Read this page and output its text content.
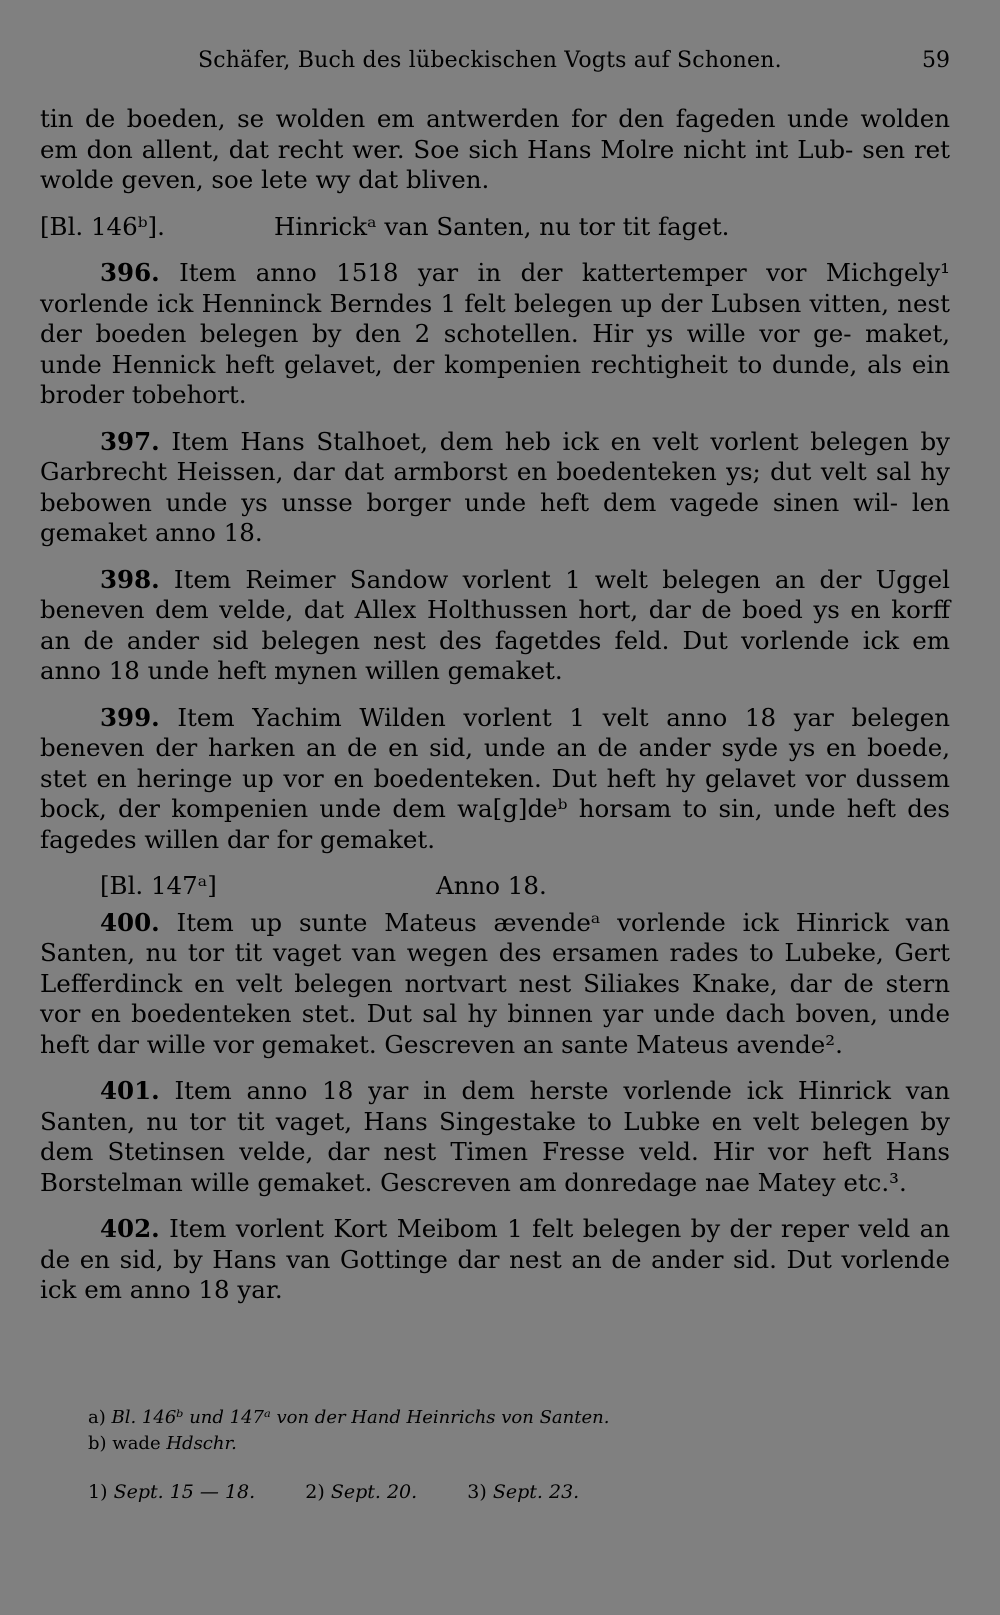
Schäfer, Buch des lübeckischen Vogts auf Schonen.	59

tin de boeden, se wolden em antwerden for den fageden unde wolden em don allent, dat recht wer. Soe sich Hans Molre nicht int Lub- sen ret wolde geven, soe lete wy dat bliven.

[Bl. 146ᵇ].	Hinrickᵃ van Santen, nu tor tit faget.

396. Item anno 1518 yar in der kattertemper vor Michgely¹ vorlende ick Henninck Berndes 1 felt belegen up der Lubsen vitten, nest der boeden belegen by den 2 schotellen. Hir ys wille vor ge- maket, unde Hennick heft gelavet, der kompenien rechtigheit to dunde, als ein broder tobehort.

397. Item Hans Stalhoet, dem heb ick en velt vorlent belegen by Garbrecht Heissen, dar dat armborst en boedenteken ys; dut velt sal hy bebowen unde ys unsse borger unde heft dem vagede sinen wil- len gemaket anno 18.

398. Item Reimer Sandow vorlent 1 welt belegen an der Uggel beneven dem velde, dat Allex Holthussen hort, dar de boed ys en korff an de ander sid belegen nest des fagetdes feld. Dut vorlende ick em anno 18 unde heft mynen willen gemaket.

399. Item Yachim Wilden vorlent 1 velt anno 18 yar belegen beneven der harken an de en sid, unde an de ander syde ys en boede, stet en heringe up vor en boedenteken. Dut heft hy gelavet vor dussem bock, der kompenien unde dem wa[g]deᵇ horsam to sin, unde heft des fagedes willen dar for gemaket.

[Bl. 147ᵃ]	Anno 18.

400. Item up sunte Mateus ævendeᵃ vorlende ick Hinrick van Santen, nu tor tit vaget van wegen des ersamen rades to Lubeke, Gert Lefferdinck en velt belegen nortvart nest Siliakes Knake, dar de stern vor en boedenteken stet. Dut sal hy binnen yar unde dach boven, unde heft dar wille vor gemaket. Gescreven an sante Mateus avende².

401. Item anno 18 yar in dem herste vorlende ick Hinrick van Santen, nu tor tit vaget, Hans Singestake to Lubke en velt belegen by dem Stetinsen velde, dar nest Timen Fresse veld. Hir vor heft Hans Borstelman wille gemaket. Gescreven am donredage nae Matey etc.³.

402. Item vorlent Kort Meibom 1 felt belegen by der reper veld an de en sid, by Hans van Gottinge dar nest an de ander sid. Dut vorlende ick em anno 18 yar.

a) Bl. 146ᵇ und 147ᵃ von der Hand Heinrichs von Santen.
b) wade Hdschr.
1) Sept. 15 — 18.	2) Sept. 20.	3) Sept. 23.
